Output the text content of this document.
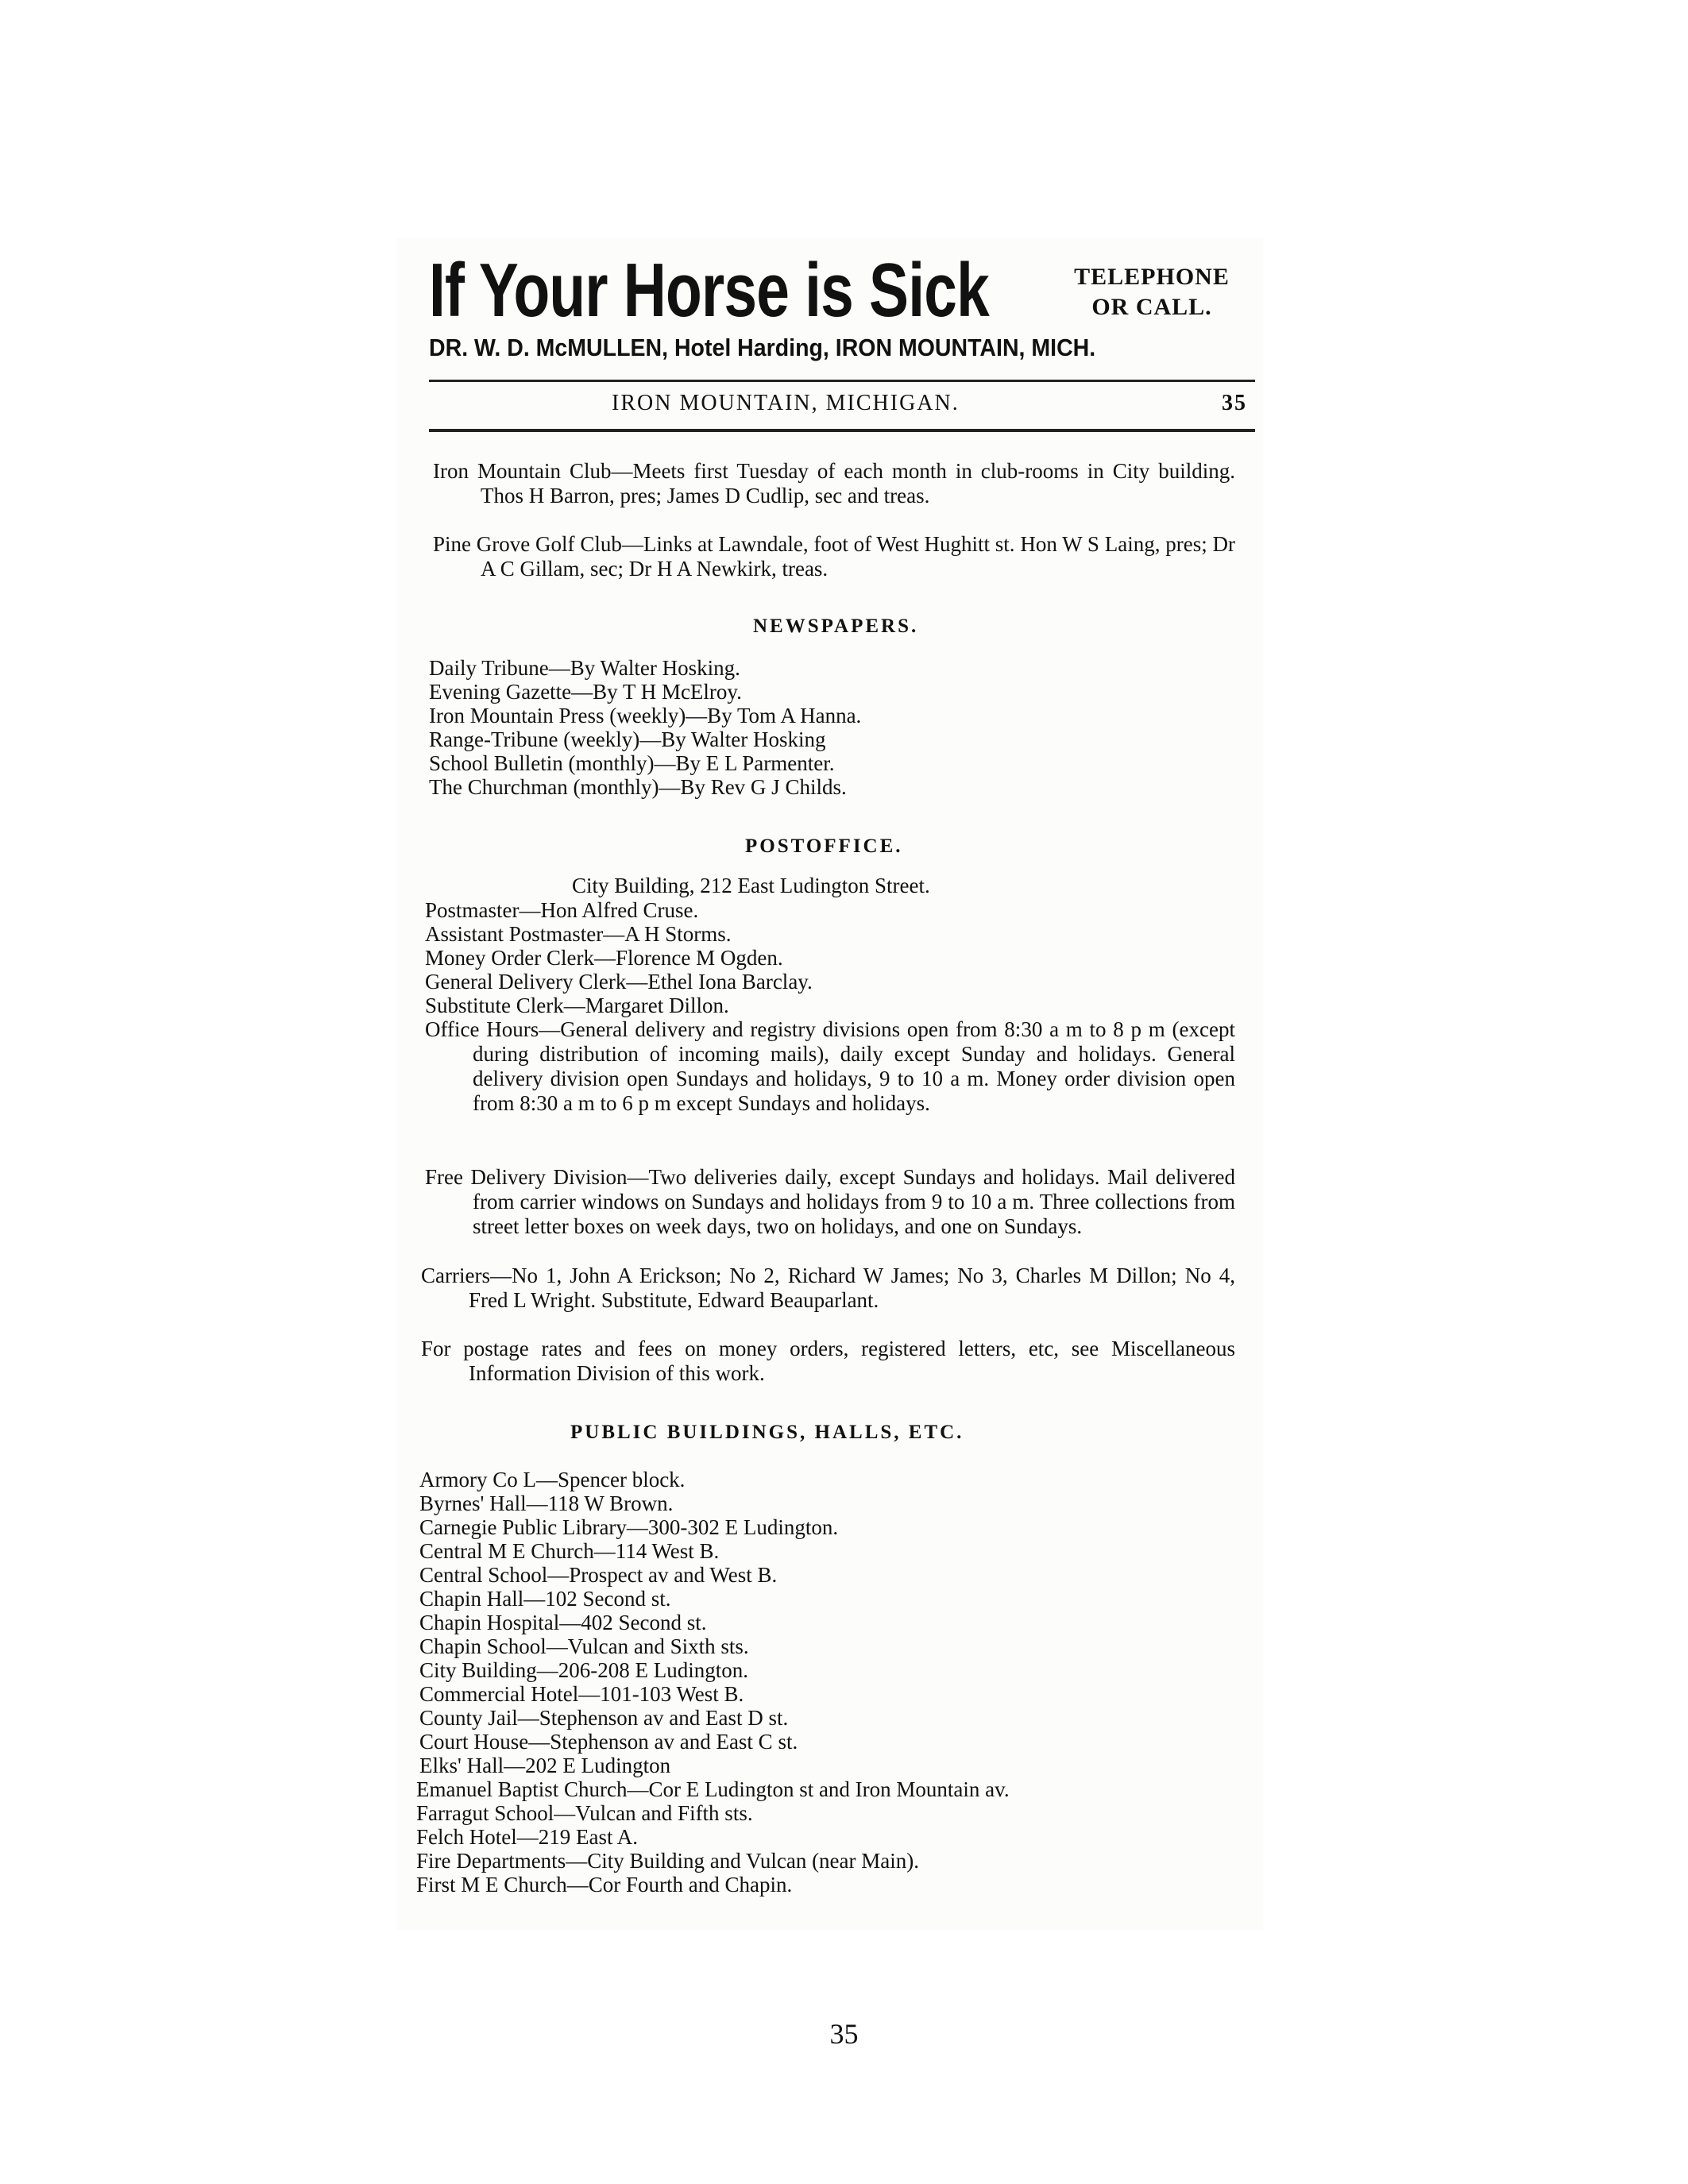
If Your Horse is Sick	TELEPHONE
OR CALL.
DR. W. D. McMULLEN, Hotel Harding, IRON MOUNTAIN, MICH.
IRON MOUNTAIN, MICHIGAN.	35
Iron Mountain Club—Meets first Tuesday of each month in club-rooms in City building. Thos H Barron, pres; James D Cudlip, sec and treas.
Pine Grove Golf Club—Links at Lawndale, foot of West Hughitt st. Hon W S Laing, pres; Dr A C Gillam, sec; Dr H A Newkirk, treas.
NEWSPAPERS.
Daily Tribune—By Walter Hosking.
Evening Gazette—By T H McElroy.
Iron Mountain Press (weekly)—By Tom A Hanna.
Range-Tribune (weekly)—By Walter Hosking
School Bulletin (monthly)—By E L Parmenter.
The Churchman (monthly)—By Rev G J Childs.
POSTOFFICE.
City Building, 212 East Ludington Street.
Postmaster—Hon Alfred Cruse.
Assistant Postmaster—A H Storms.
Money Order Clerk—Florence M Ogden.
General Delivery Clerk—Ethel Iona Barclay.
Substitute Clerk—Margaret Dillon.
Office Hours—General delivery and registry divisions open from 8:30 a m to 8 p m (except during distribution of incoming mails), daily except Sunday and holidays. General delivery division open Sundays and holidays, 9 to 10 a m. Money order division open from 8:30 a m to 6 p m except Sundays and holidays.
Free Delivery Division—Two deliveries daily, except Sundays and holidays. Mail delivered from carrier windows on Sundays and holidays from 9 to 10 a m. Three collections from street letter boxes on week days, two on holidays, and one on Sundays.
Carriers—No 1, John A Erickson; No 2, Richard W James; No 3, Charles M Dillon; No 4, Fred L Wright. Substitute, Edward Beauparlant.
For postage rates and fees on money orders, registered letters, etc, see Miscellaneous Information Division of this work.
PUBLIC BUILDINGS, HALLS, ETC.
Armory Co L—Spencer block.
Byrnes' Hall—118 W Brown.
Carnegie Public Library—300-302 E Ludington.
Central M E Church—114 West B.
Central School—Prospect av and West B.
Chapin Hall—102 Second st.
Chapin Hospital—402 Second st.
Chapin School—Vulcan and Sixth sts.
City Building—206-208 E Ludington.
Commercial Hotel—101-103 West B.
County Jail—Stephenson av and East D st.
Court House—Stephenson av and East C st.
Elks' Hall—202 E Ludington
Emanuel Baptist Church—Cor E Ludington st and Iron Mountain av.
Farragut School—Vulcan and Fifth sts.
Felch Hotel—219 East A.
Fire Departments—City Building and Vulcan (near Main).
First M E Church—Cor Fourth and Chapin.
35
